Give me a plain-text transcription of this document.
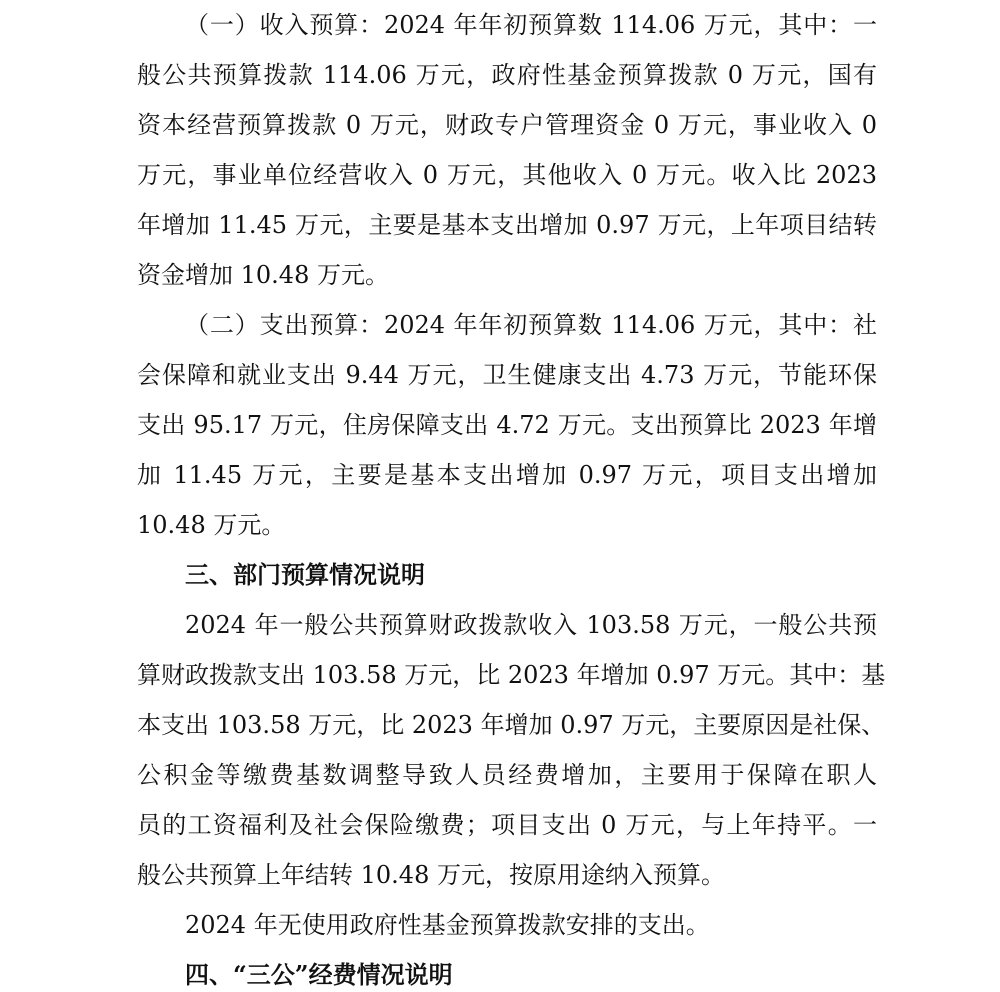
（一）收入预算：2024 年年初预算数 114.06 万元，其中：一
般公共预算拨款 114.06 万元，政府性基金预算拨款 0 万元，国有
资本经营预算拨款 0 万元，财政专户管理资金 0 万元，事业收入 0
万元，事业单位经营收入 0 万元，其他收入 0 万元。收入比 2023
年增加 11.45 万元，主要是基本支出增加 0.97 万元，上年项目结转
资金增加 10.48 万元。
（二）支出预算：2024 年年初预算数 114.06 万元，其中：社
会保障和就业支出 9.44 万元，卫生健康支出 4.73 万元，节能环保
支出 95.17 万元，住房保障支出 4.72 万元。支出预算比 2023 年增
加 11.45 万元，主要是基本支出增加 0.97 万元，项目支出增加
10.48 万元。
三、部门预算情况说明
2024 年一般公共预算财政拨款收入 103.58 万元，一般公共预
算财政拨款支出 103.58 万元，比 2023 年增加 0.97 万元。其中：基
本支出 103.58 万元，比 2023 年增加 0.97 万元，主要原因是社保、
公积金等缴费基数调整导致人员经费增加，主要用于保障在职人
员的工资福利及社会保险缴费；项目支出 0 万元，与上年持平。一
般公共预算上年结转 10.48 万元，按原用途纳入预算。
2024 年无使用政府性基金预算拨款安排的支出。
四、“三公”经费情况说明
